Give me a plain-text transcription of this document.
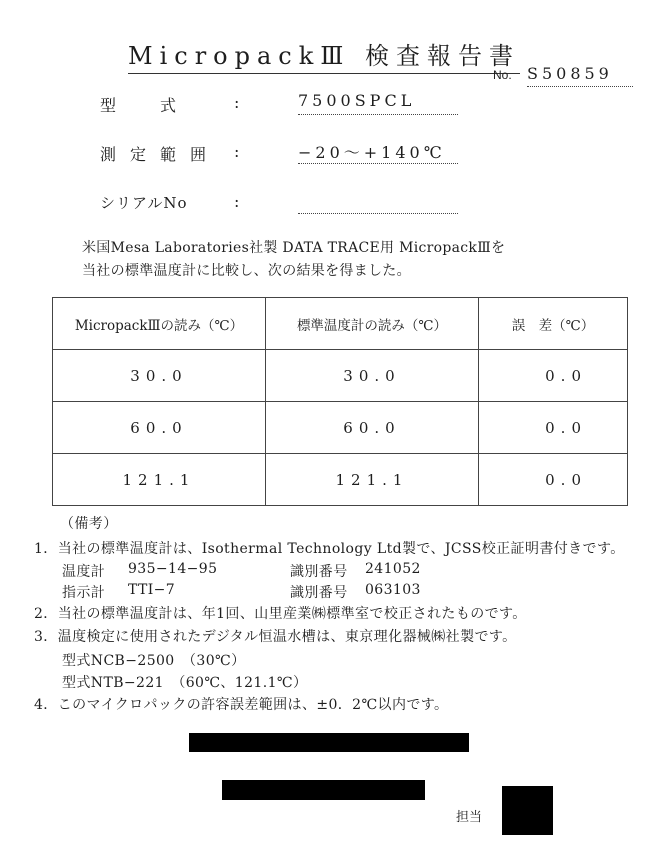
MicropackⅢ 検査報告書
No. S50859
型　式	:	7500SPCL
測定範囲 :	−20〜+140℃
シリアルNo	:
米国Mesa Laboratories社製 DATA TRACE用 MicropackⅢを
当社の標準温度計に比較し、次の結果を得ました。
MicropackⅢの読み（℃）	標準温度計の読み（℃）	誤　差（℃）
30.0	30.0	0.0
60.0	60.0	0.0
121.1	121.1	0.0
（備考）
1．当社の標準温度計は、Isothermal Technology Ltd製で、JCSS校正証明書付きです。
温度計 935−14−95	識別番号 241052
指示計 TTI−7	識別番号 063103
2．当社の標準温度計は、年1回、山里産業㈱標準室で校正されたものです。
3．温度検定に使用されたデジタル恒温水槽は、東京理化器械㈱社製です。
型式NCB−2500　（30℃）
型式NTB−221　（60℃、121.1℃）
4．このマイクロパックの許容誤差範囲は、±0．2℃以内です。
担当
